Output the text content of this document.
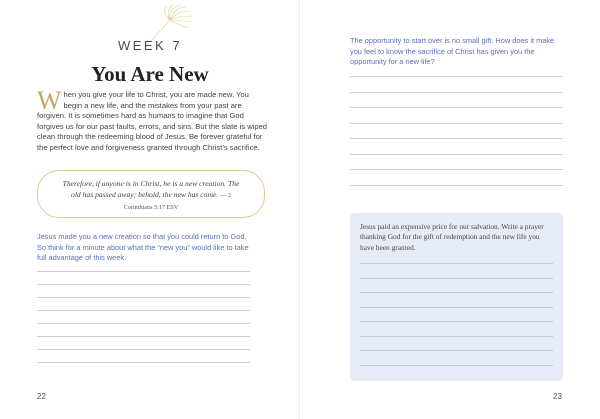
WEEK 7
You Are New
W hen you give your life to Christ, you are made new. You begin a new life, and the mistakes from your past are forgiven. It is sometimes hard as humans to imagine that God forgives us for our past faults, errors, and sins. But the slate is wiped clean through the redeeming blood of Jesus. Be forever grateful for the perfect love and forgiveness granted through Christ’s sacrifice.
Therefore, if anyone is in Christ, he is a new creation. The old has passed away; behold, the new has come. — 2 Corinthians 5:17 ESV
Jesus made you a new creation so that you could return to God. So think for a minute about what the “new you” would like to take full advantage of this week.
22
The opportunity to start over is no small gift. How does it make you feel to know the sacrifice of Christ has given you the opportunity for a new life?
Jesus paid an expensive price for our salvation. Write a prayer thanking God for the gift of redemption and the new life you have been granted.
23
